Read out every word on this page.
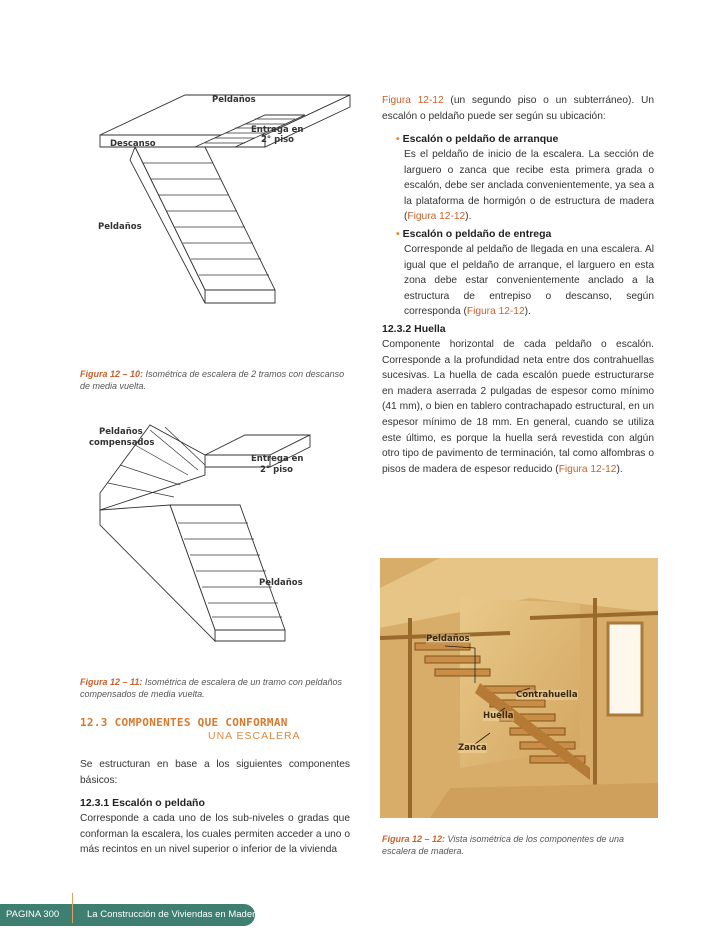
Peldaños
Entrega en
2° piso
Descanso
Peldaños
Figura 12 – 10: Isométrica de escalera de 2 tramos con descanso de media vuelta.
Peldaños
compensados
Entrega en
2° piso
Peldaños
Figura 12 – 11: Isométrica de escalera de un tramo con peldaños compensados de media vuelta.
12.3 COMPONENTES QUE CONFORMAN
UNA ESCALERA
Se estructuran en base a los siguientes componentes básicos:
12.3.1 Escalón o peldaño
Corresponde a cada uno de los sub-niveles o gradas que conforman la escalera, los cuales permiten acceder a uno o más recintos en un nivel superior o inferior de la vivienda
Figura 12-12 (un segundo piso o un subterráneo). Un escalón o peldaño puede ser según su ubicación:
• Escalón o peldaño de arranque
Es el peldaño de inicio de la escalera. La sección de larguero o zanca que recibe esta primera grada o escalón, debe ser anclada convenientemente, ya sea a la plataforma de hormigón o de estructura de madera (Figura 12-12).
• Escalón o peldaño de entrega
Corresponde al peldaño de llegada en una escalera. Al igual que el peldaño de arranque, el larguero en esta zona debe estar convenientemente anclado a la estructura de entrepiso o descanso, según corresponda (Figura 12-12).
12.3.2 Huella
Componente horizontal de cada peldaño o escalón. Corresponde a la profundidad neta entre dos contrahuellas sucesivas. La huella de cada escalón puede estructurarse en madera aserrada 2 pulgadas de espesor como mínimo (41 mm), o bien en tablero contrachapado estructural, en un espesor mínimo de 18 mm. En general, cuando se utiliza este último, es porque la huella será revestida con algún otro tipo de pavimento de terminación, tal como alfombras o pisos de madera de espesor reducido (Figura 12-12).
Peldaños
Contrahuella
Huella
Zanca
Figura 12 – 12: Vista isométrica de los componentes de una escalera de madera.
PAGINA 300	La Construcción de Viviendas en Madera
